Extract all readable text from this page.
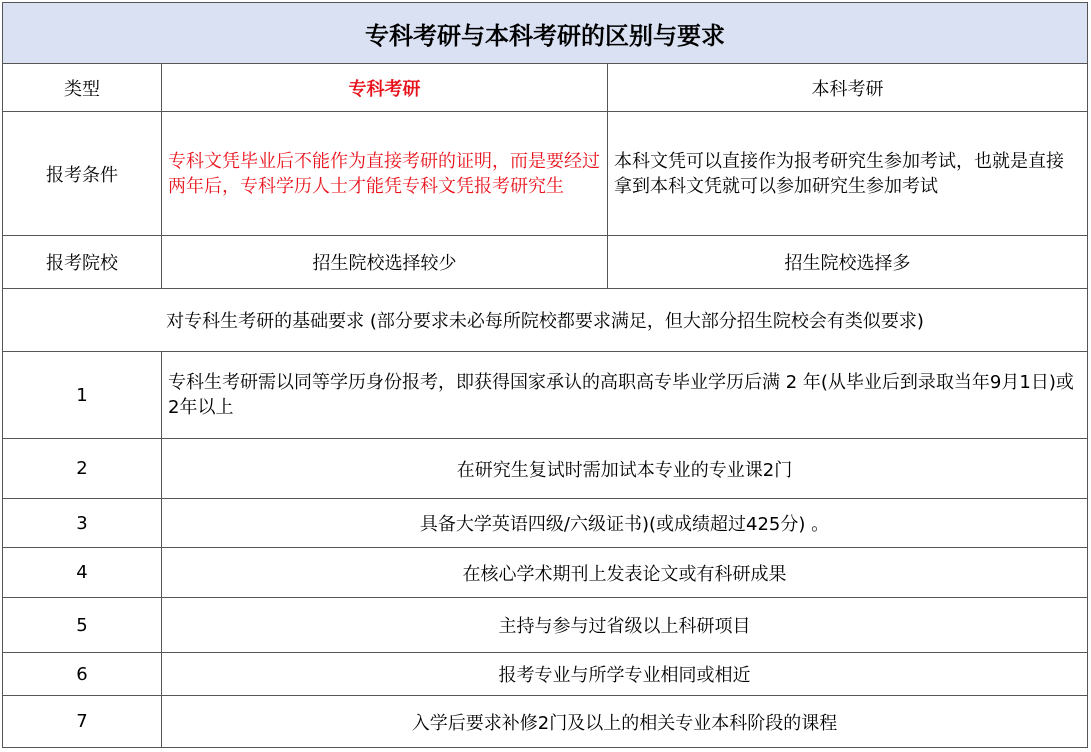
专科考研与本科考研的区别与要求		
类型	专科考研	本科考研
报考条件	专科文凭毕业后不能作为直接考研的证明，而是要经过两年后，专科学历人士才能凭专科文凭报考研究生	本科文凭可以直接作为报考研究生参加考试，也就是直接拿到本科文凭就可以参加研究生参加考试
报考院校	招生院校选择较少	招生院校选择多
对专科生考研的基础要求 (部分要求未必每所院校都要求满足，但大部分招生院校会有类似要求)		
1	专科生考研需以同等学历身份报考，即获得国家承认的高职高专毕业学历后满 2 年(从毕业后到录取当年9月1日)或2年以上	
2	在研究生复试时需加试本专业的专业课2门	
3	具备大学英语四级/六级证书)(或成绩超过425分) 。	
4	在核心学术期刊上发表论文或有科研成果	
5	主持与参与过省级以上科研项目	
6	报考专业与所学专业相同或相近	
7	入学后要求补修2门及以上的相关专业本科阶段的课程	
